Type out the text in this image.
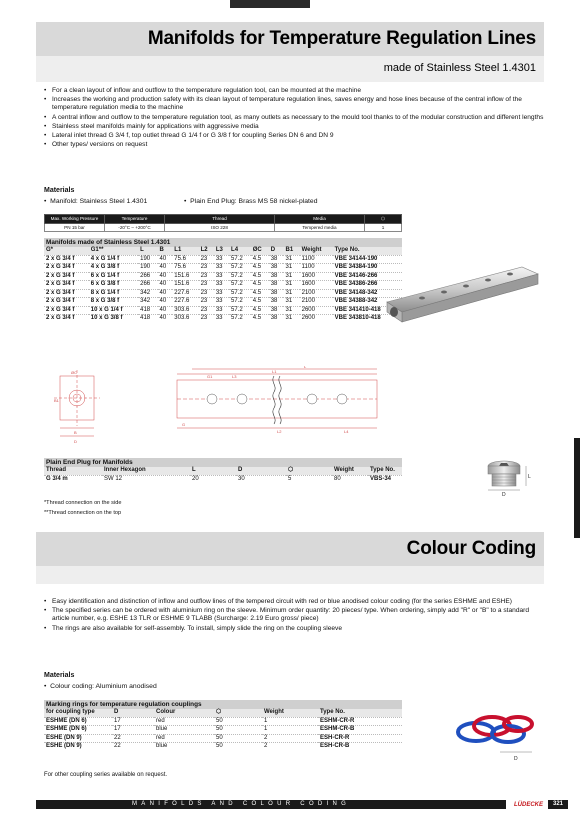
Manifolds for Temperature Regulation Lines
made of Stainless Steel 1.4301
• For a clean layout of inflow and outflow to the temperature regulation tool, can be mounted at the machine
• Increases the working and production safety with its clean layout of temperature regulation lines, saves energy and hose lines because of the central inflow of the temperature regulation media to the machine
• A central inflow and outflow to the temperature regulation tool, as many outlets as necessary to the mould tool thanks to of the modular construction and different lengths
• Stainless steel manifolds mainly for applications with aggressive media
• Lateral inlet thread G 3/4 f, top outlet thread G 1/4 f or G 3/8 f for coupling Series DN 6 and DN 9
• Other types/ versions on request
Materials
•  Manifold: Stainless Steel 1.4301	•  Plain End Plug: Brass MS 58 nickel-plated
Max. Working Pressure	Temperature	Thread	Media	⬡
PN 15 bar	-20°C – +200°C	ISO 228	Tempered media	1
Manifolds made of Stainless Steel 1.4301
G*	G1**	L	B	L1	L2	L3	L4	ØC	D	B1	Weight	Type No.
2 x G 3/4 f	4 x G 1/4 f	190	40	75.6	23	33	57.2	4.5	38	31	1100	VBE 34144-190
2 x G 3/4 f	4 x G 3/8 f	190	40	75.6	23	33	57.2	4.5	38	31	1100	VBE 34384-190
2 x G 3/4 f	6 x G 1/4 f	266	40	151.6	23	33	57.2	4.5	38	31	1600	VBE 34146-266
2 x G 3/4 f	6 x G 3/8 f	266	40	151.6	23	33	57.2	4.5	38	31	1600	VBE 34386-266
2 x G 3/4 f	8 x G 1/4 f	342	40	227.6	23	33	57.2	4.5	38	31	2100	VBE 34148-342
2 x G 3/4 f	8 x G 3/8 f	342	40	227.6	23	33	57.2	4.5	38	31	2100	VBE 34388-342
2 x G 3/4 f	10 x G 1/4 f	418	40	303.6	23	33	57.2	4.5	38	31	2600	VBE 341410-418
2 x G 3/4 f	10 x G 3/8 f	418	40	303.6	23	33	57.2	4.5	38	31	2600	VBE 343810-418
ØC
B1
B
D
G1	L3
L1
L
G
L2	L4
Plain End Plug for Manifolds
Thread	Inner Hexagon	L	D	⬡	Weight	Type No.
G 3/4 m	SW 12	20	30	5	80	VBS-34	L
D
*Thread connection on the side
**Thread connection on the top
Colour Coding
• Easy identification and distinction of inflow and outflow lines of the tempered circuit with red or blue anodised colour coding (for the series ESHME and ESHE)
• The specified series can be ordered with aluminium ring on the sleeve. Minimum order quantity: 20 pieces/ type. When ordering, simply add "R" or "B" to a standard article number, e.g. ESHE 13 TLR or ESHME 9 TLABB (Surcharge: 2.19 Euro gross/ piece)
• The rings are also available for self-assembly. To install, simply slide the ring on the coupling sleeve
Materials
•  Colour coding: Aluminium anodised
Marking rings for temperature regulation couplings
for coupling type	D	Colour	⬡	Weight	Type No.
ESHME (DN 6)	17	red	50	1	ESHM-CR-R
ESHME (DN 6)	17	blue	50	1	ESHM-CR-B
ESHE (DN 9)	22	red	50	2	ESH-CR-R
ESHE (DN 9)	22	blue	50	2	ESH-CR-B
D
For other coupling series available on request.
MANIFOLDS AND COLOUR CODING	LÜDECKE	321
